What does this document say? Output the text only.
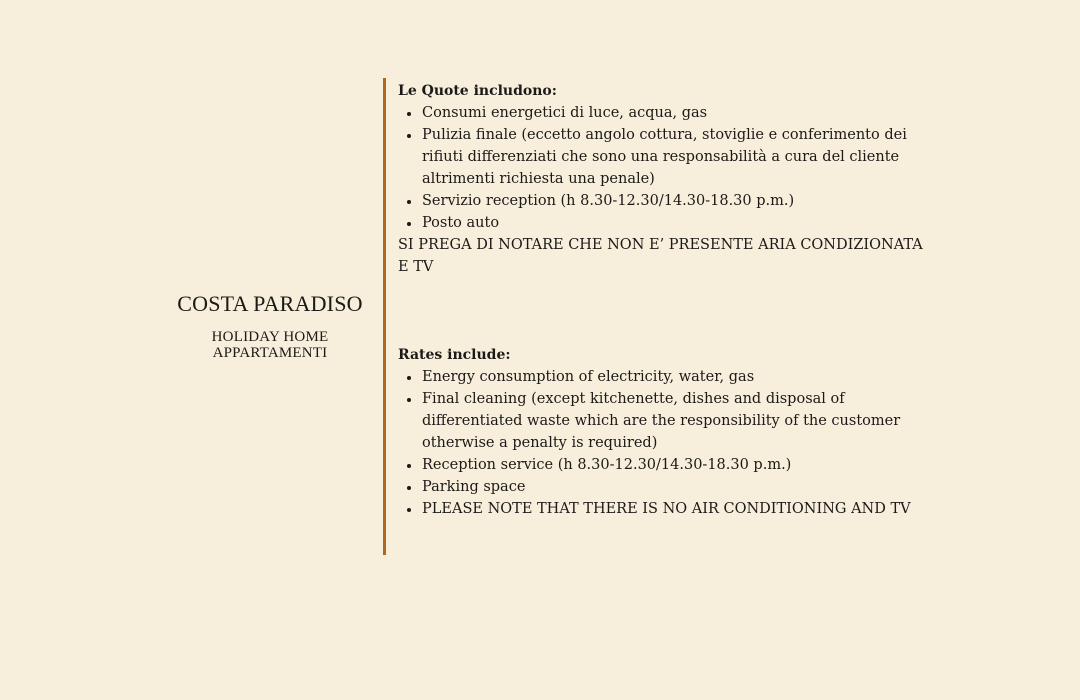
COSTA PARADISO
HOLIDAY HOME
APPARTAMENTI

Le Quote includono:

Consumi energetici di luce, acqua, gas
Pulizia finale (eccetto angolo cottura, stoviglie e conferimento dei rifiuti differenziati che sono una responsabilità a cura del cliente altrimenti richiesta una penale)
Servizio reception (h 8.30-12.30/14.30-18.30 p.m.)
Posto auto

SI PREGA DI NOTARE CHE NON E’ PRESENTE ARIA CONDIZIONATA E TV

Rates include:

Energy consumption of electricity, water, gas
Final cleaning (except kitchenette, dishes and disposal of differentiated waste which are the responsibility of the customer otherwise a penalty is required)
Reception service (h 8.30-12.30/14.30-18.30 p.m.)
Parking space
PLEASE NOTE THAT THERE IS NO AIR CONDITIONING AND TV
